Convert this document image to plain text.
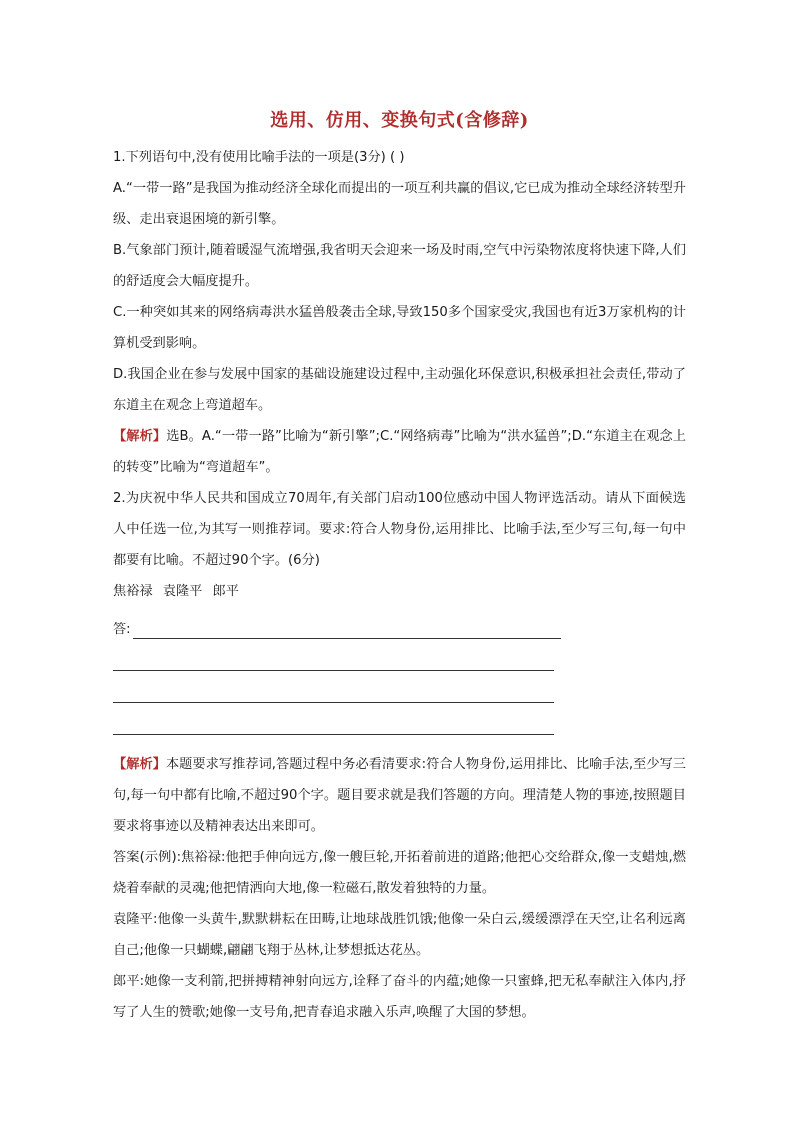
选用、仿用、变换句式(含修辞)

1.下列语句中,没有使用比喻手法的一项是(3分) ( )

A.“一带一路”是我国为推动经济全球化而提出的一项互利共赢的倡议,它已成为推动全球经济转型升级、走出衰退困境的新引擎。

B.气象部门预计,随着暖湿气流增强,我省明天会迎来一场及时雨,空气中污染物浓度将快速下降,人们的舒适度会大幅度提升。

C.一种突如其来的网络病毒洪水猛兽般袭击全球,导致150多个国家受灾,我国也有近3万家机构的计算机受到影响。

D.我国企业在参与发展中国家的基础设施建设过程中,主动强化环保意识,积极承担社会责任,带动了东道主在观念上弯道超车。

【解析】选B。A.“一带一路”比喻为“新引擎”;C.“网络病毒”比喻为“洪水猛兽”;D.“东道主在观念上的转变”比喻为“弯道超车”。

2.为庆祝中华人民共和国成立70周年,有关部门启动100位感动中国人物评选活动。请从下面候选人中任选一位,为其写一则推荐词。要求:符合人物身份,运用排比、比喻手法,至少写三句,每一句中都要有比喻。不超过90个字。(6分)

焦裕禄 袁隆平 郎平

答:

【解析】本题要求写推荐词,答题过程中务必看清要求:符合人物身份,运用排比、比喻手法,至少写三句,每一句中都有比喻,不超过90个字。题目要求就是我们答题的方向。理清楚人物的事迹,按照题目要求将事迹以及精神表达出来即可。

答案(示例):焦裕禄:他把手伸向远方,像一艘巨轮,开拓着前进的道路;他把心交给群众,像一支蜡烛,燃烧着奉献的灵魂;他把情洒向大地,像一粒磁石,散发着独特的力量。

袁隆平:他像一头黄牛,默默耕耘在田畴,让地球战胜饥饿;他像一朵白云,缓缓漂浮在天空,让名利远离自己;他像一只蝴蝶,翩翩飞翔于丛林,让梦想抵达花丛。

郎平:她像一支利箭,把拼搏精神射向远方,诠释了奋斗的内蕴;她像一只蜜蜂,把无私奉献注入体内,抒写了人生的赞歌;她像一支号角,把青春追求融入乐声,唤醒了大国的梦想。
